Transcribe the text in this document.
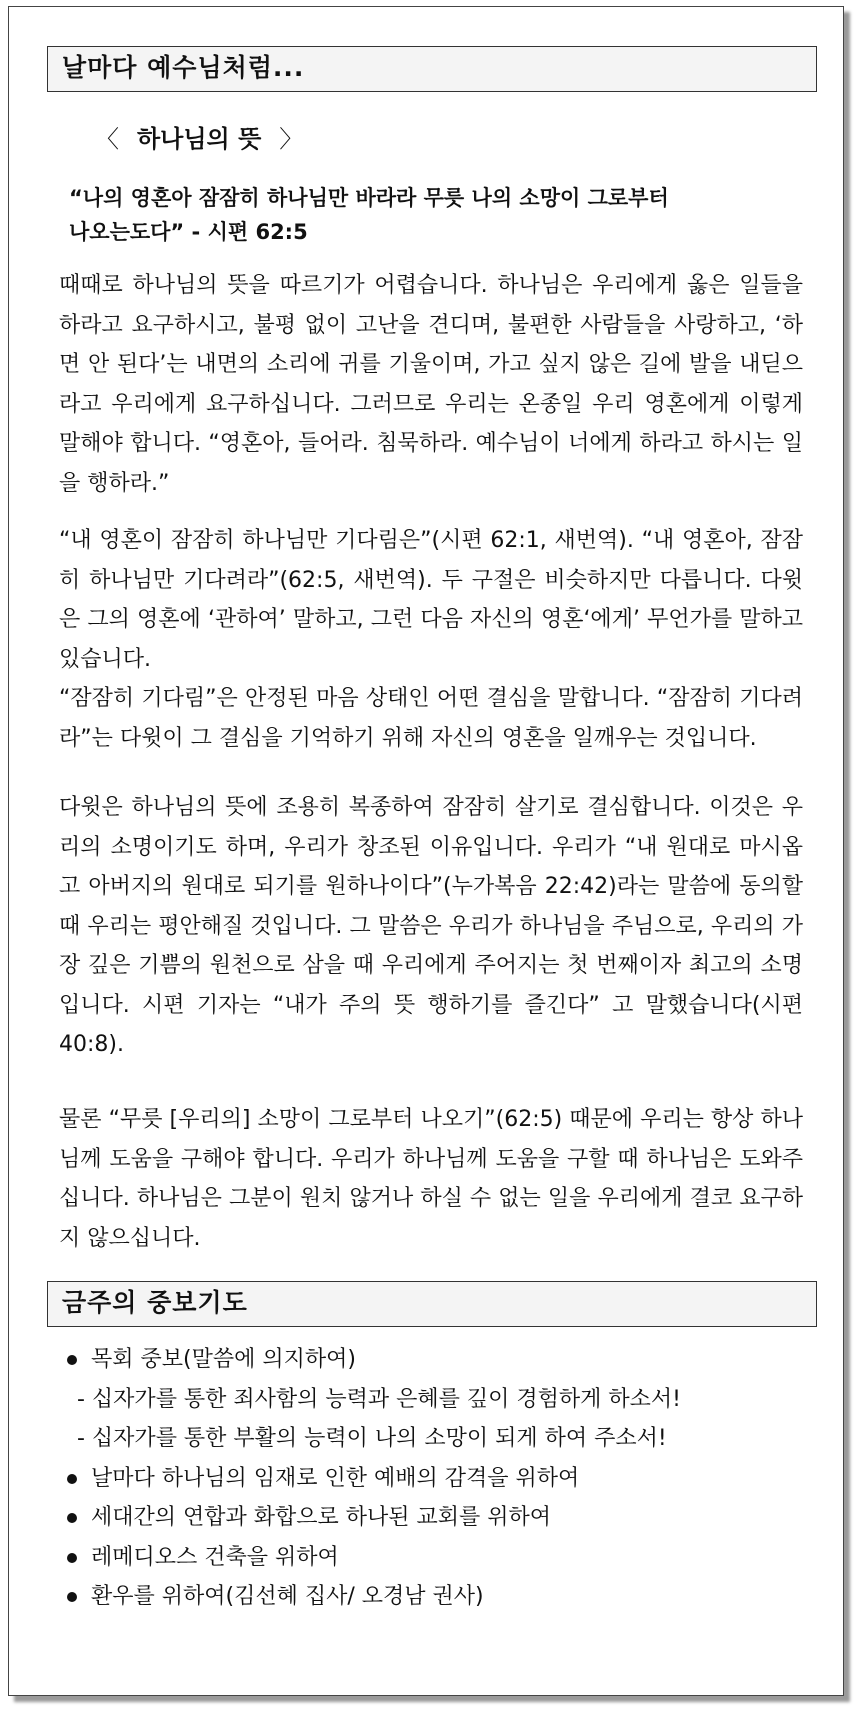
날마다 예수님처럼...
〈 하나님의 뜻 〉
“나의 영혼아 잠잠히 하나님만 바라라 무릇 나의 소망이 그로부터
나오는도다” - 시편 62:5

때때로 하나님의 뜻을 따르기가 어렵습니다. 하나님은 우리에게 옳은 일들을 하라고 요구하시고, 불평 없이 고난을 견디며, 불편한 사람들을 사랑하고, ‘하면 안 된다’는 내면의 소리에 귀를 기울이며, 가고 싶지 않은 길에 발을 내딛으라고 우리에게 요구하십니다. 그러므로 우리는 온종일 우리 영혼에게 이렇게 말해야 합니다. “영혼아, 들어라. 침묵하라. 예수님이 너에게 하라고 하시는 일을 행하라.”

“내 영혼이 잠잠히 하나님만 기다림은”(시편 62:1, 새번역). “내 영혼아, 잠잠히 하나님만 기다려라”(62:5, 새번역). 두 구절은 비슷하지만 다릅니다. 다윗은 그의 영혼에 ‘관하여’ 말하고, 그런 다음 자신의 영혼‘에게’ 무언가를 말하고 있습니다.

“잠잠히 기다림”은 안정된 마음 상태인 어떤 결심을 말합니다. “잠잠히 기다려라”는 다윗이 그 결심을 기억하기 위해 자신의 영혼을 일깨우는 것입니다.

다윗은 하나님의 뜻에 조용히 복종하여 잠잠히 살기로 결심합니다. 이것은 우리의 소명이기도 하며, 우리가 창조된 이유입니다. 우리가 “내 원대로 마시옵고 아버지의 원대로 되기를 원하나이다”(누가복음 22:42)라는 말씀에 동의할 때 우리는 평안해질 것입니다. 그 말씀은 우리가 하나님을 주님으로, 우리의 가장 깊은 기쁨의 원천으로 삼을 때 우리에게 주어지는 첫 번째이자 최고의 소명입니다. 시편 기자는 “내가 주의 뜻 행하기를 즐긴다” 고 말했습니다(시편 40:8).

물론 “무릇 [우리의] 소망이 그로부터 나오기”(62:5) 때문에 우리는 항상 하나님께 도움을 구해야 합니다. 우리가 하나님께 도움을 구할 때 하나님은 도와주십니다. 하나님은 그분이 원치 않거나 하실 수 없는 일을 우리에게 결코 요구하지 않으십니다.

금주의 중보기도
목회 중보(말씀에 의지하여)
- 십자가를 통한 죄사함의 능력과 은혜를 깊이 경험하게 하소서!
- 십자가를 통한 부활의 능력이 나의 소망이 되게 하여 주소서!
날마다 하나님의 임재로 인한 예배의 감격을 위하여
세대간의 연합과 화합으로 하나된 교회를 위하여
레메디오스 건축을 위하여
환우를 위하여(김선혜 집사/ 오경남 권사)
